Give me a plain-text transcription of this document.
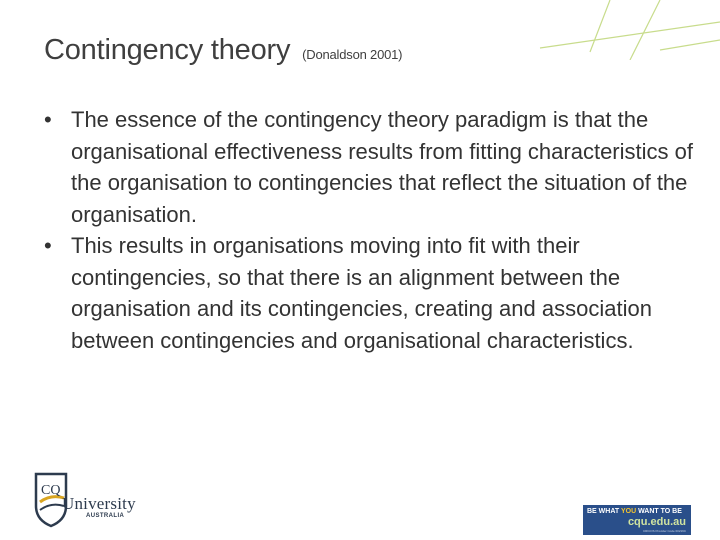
Contingency theory (Donaldson 2001)
• The essence of the contingency theory paradigm is that the organisational effectiveness results from fitting characteristics of the organisation to contingencies that reflect the situation of the organisation.
• This results in organisations moving into fit with their contingencies, so that there is an alignment between the organisation and its contingencies, creating and association between contingencies and organisational characteristics.
CQ
University
AUSTRALIA
BE WHAT YOU WANT TO BE
cqu.edu.au
CRICOS Provider Code 00219C
